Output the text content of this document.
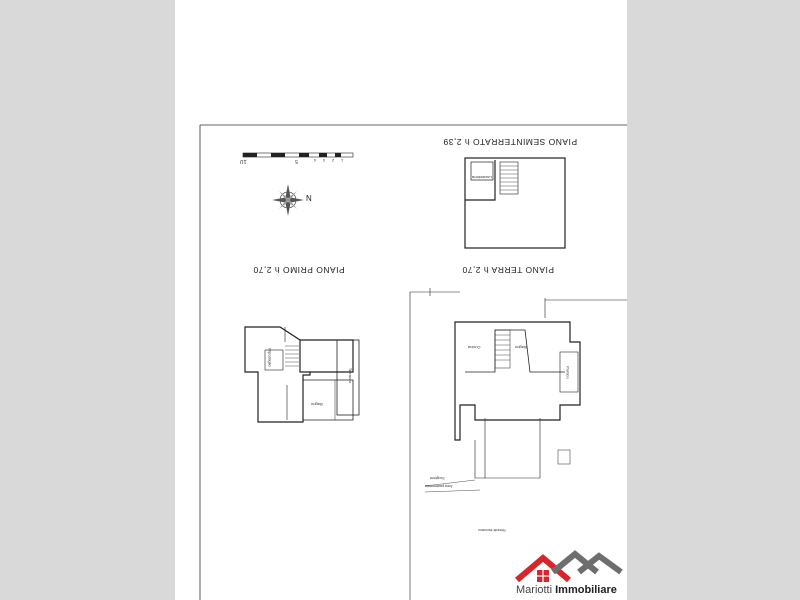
PIANO SEMINTERRATO h 2,39
PIANO PRIMO h 2,70	PIANO TERRA h 2,70
10	5	4 3 2 1
N
Lavanderia
Bagno
Terrazzo
Ripostiglio
Cucina	Bagno
Portico
Area pavimentata
Scogliera
Resede esclusivo
Mariotti Immobiliare
